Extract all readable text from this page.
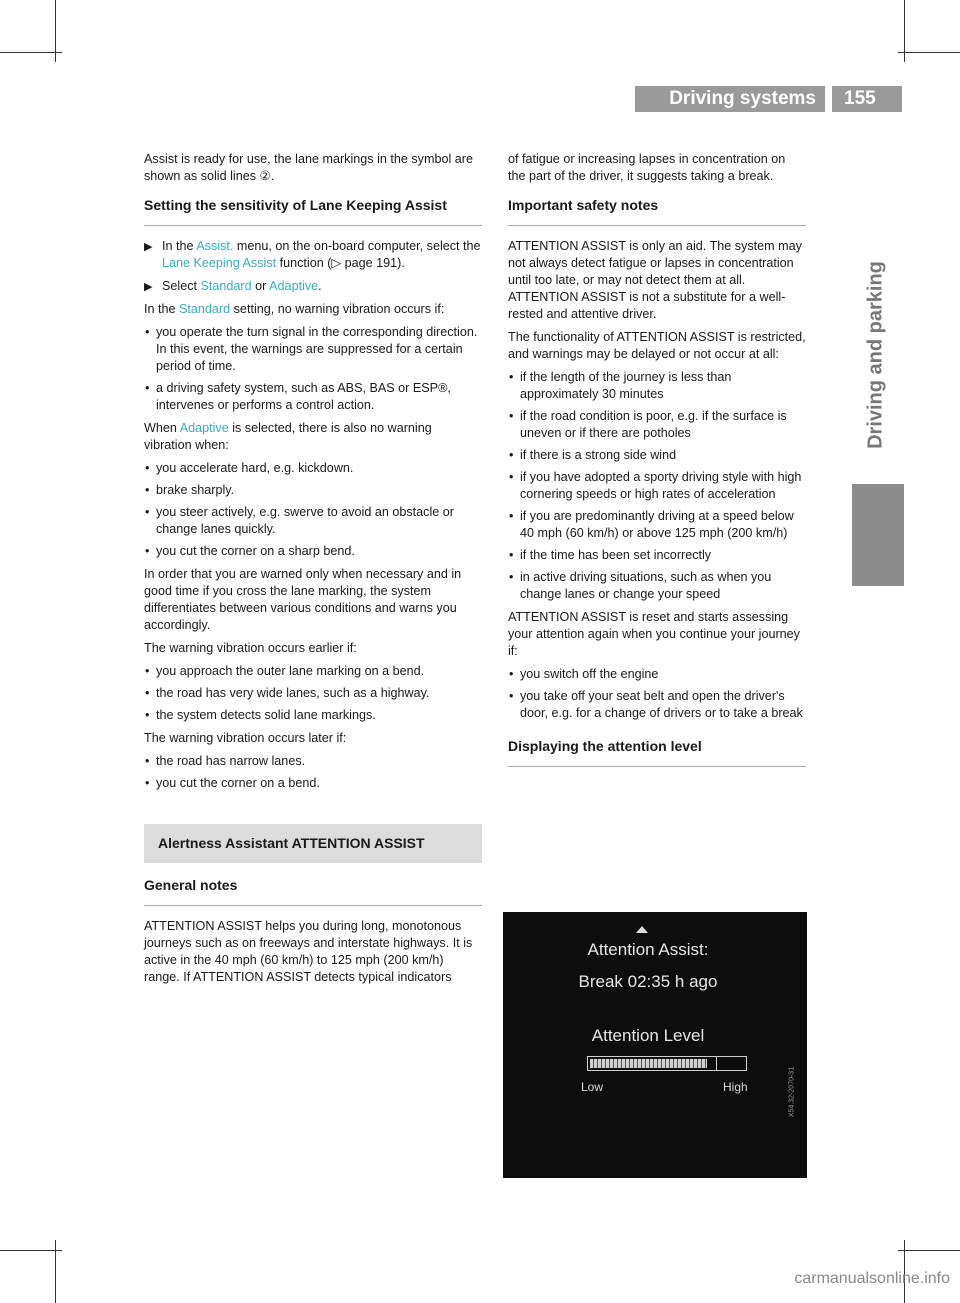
Driving systems	155
Driving and parking

Assist is ready for use, the lane markings in the symbol are shown as solid lines ②.

Setting the sensitivity of Lane Keeping Assist
▶ In the Assist. menu, on the on-board computer, select the Lane Keeping Assist function (▷ page 191).
▶ Select Standard or Adaptive.

In the Standard setting, no warning vibration occurs if:

• you operate the turn signal in the corresponding direction. In this event, the warnings are suppressed for a certain period of time.
• a driving safety system, such as ABS, BAS or ESP®, intervenes or performs a control action.

When Adaptive is selected, there is also no warning vibration when:

• you accelerate hard, e.g. kickdown.
• brake sharply.
• you steer actively, e.g. swerve to avoid an obstacle or change lanes quickly.
• you cut the corner on a sharp bend.

In order that you are warned only when necessary and in good time if you cross the lane marking, the system differentiates between various conditions and warns you accordingly.

The warning vibration occurs earlier if:

• you approach the outer lane marking on a bend.
• the road has very wide lanes, such as a highway.
• the system detects solid lane markings.

The warning vibration occurs later if:

• the road has narrow lanes.
• you cut the corner on a bend.
Alertness Assistant ATTENTION ASSIST
General notes

ATTENTION ASSIST helps you during long, monotonous journeys such as on freeways and interstate highways. It is active in the 40 mph (60 km/h) to 125 mph (200 km/h) range. If ATTENTION ASSIST detects typical indicators

of fatigue or increasing lapses in concentration on the part of the driver, it suggests taking a break.

Important safety notes

ATTENTION ASSIST is only an aid. The system may not always detect fatigue or lapses in concentration until too late, or may not detect them at all. ATTENTION ASSIST is not a substitute for a well-rested and attentive driver.

The functionality of ATTENTION ASSIST is restricted, and warnings may be delayed or not occur at all:

• if the length of the journey is less than approximately 30 minutes
• if the road condition is poor, e.g. if the surface is uneven or if there are potholes
• if there is a strong side wind
• if you have adopted a sporty driving style with high cornering speeds or high rates of acceleration
• if you are predominantly driving at a speed below 40 mph (60 km/h) or above 125 mph (200 km/h)
• if the time has been set incorrectly
• in active driving situations, such as when you change lanes or change your speed

ATTENTION ASSIST is reset and starts assessing your attention again when you continue your journey if:

• you switch off the engine
• you take off your seat belt and open the driver's door, e.g. for a change of drivers or to take a break
Displaying the attention level
Attention Assist:
Break 02:35 h ago
Attention Level
Low	High	X54.32-2070-31
carmanualsonline.info
